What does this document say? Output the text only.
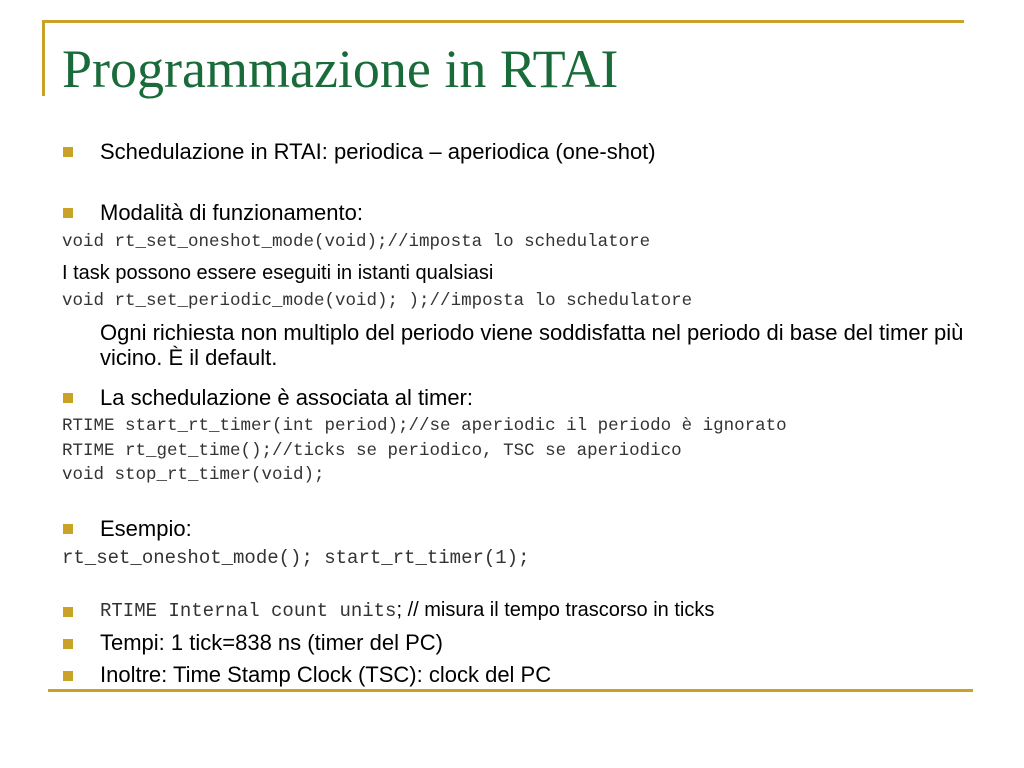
Programmazione in RTAI
Schedulazione in RTAI: periodica – aperiodica (one-shot)
Modalità di funzionamento:
void rt_set_oneshot_mode(void);//imposta lo schedulatore
I task possono essere eseguiti in istanti qualsiasi
void rt_set_periodic_mode(void); );//imposta lo schedulatore
Ogni richiesta non multiplo del periodo viene soddisfatta nel periodo di base del timer più vicino. È il default.
La schedulazione è associata al timer:
RTIME start_rt_timer(int period);//se aperiodic il periodo è ignorato
RTIME rt_get_time();//ticks se periodico, TSC se aperiodico
void stop_rt_timer(void);
Esempio:
rt_set_oneshot_mode(); start_rt_timer(1);
RTIME Internal count units; // misura il tempo trascorso in ticks
Tempi: 1 tick=838 ns (timer del PC)
Inoltre: Time Stamp Clock (TSC): clock del PC
